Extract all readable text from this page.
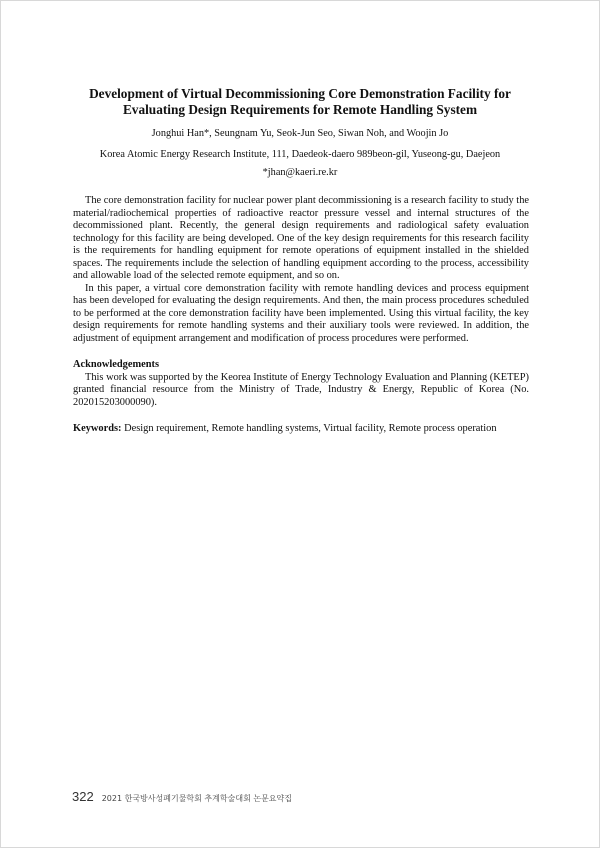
Development of Virtual Decommissioning Core Demonstration Facility for Evaluating Design Requirements for Remote Handling System
Jonghui Han*, Seungnam Yu, Seok-Jun Seo, Siwan Noh, and Woojin Jo
Korea Atomic Energy Research Institute, 111, Daedeok-daero 989beon-gil, Yuseong-gu, Daejeon
*jhan@kaeri.re.kr

The core demonstration facility for nuclear power plant decommissioning is a research facility to study the material/radiochemical properties of radioactive reactor pressure vessel and internal structures of the decommissioned plant. Recently, the general design requirements and radiological safety evaluation technology for this facility are being developed. One of the key design requirements for this research facility is the requirements for handling equipment for remote operations of equipment installed in the shielded spaces. The requirements include the selection of handling equipment according to the process, accessibility and allowable load of the selected remote equipment, and so on.

In this paper, a virtual core demonstration facility with remote handling devices and process equipment has been developed for evaluating the design requirements. And then, the main process procedures scheduled to be performed at the core demonstration facility have been implemented. Using this virtual facility, the key design requirements for remote handling systems and their auxiliary tools were reviewed. In addition, the adjustment of equipment arrangement and modification of process procedures were performed.

Acknowledgements

This work was supported by the Keorea Institute of Energy Technology Evaluation and Planning (KETEP) granted financial resource from the Ministry of Trade, Industry & Energy, Republic of Korea (No. 202015203000090).

Keywords: Design requirement, Remote handling systems, Virtual facility, Remote process operation
322 2021 한국방사성폐기물학회 추계학술대회 논문요약집
